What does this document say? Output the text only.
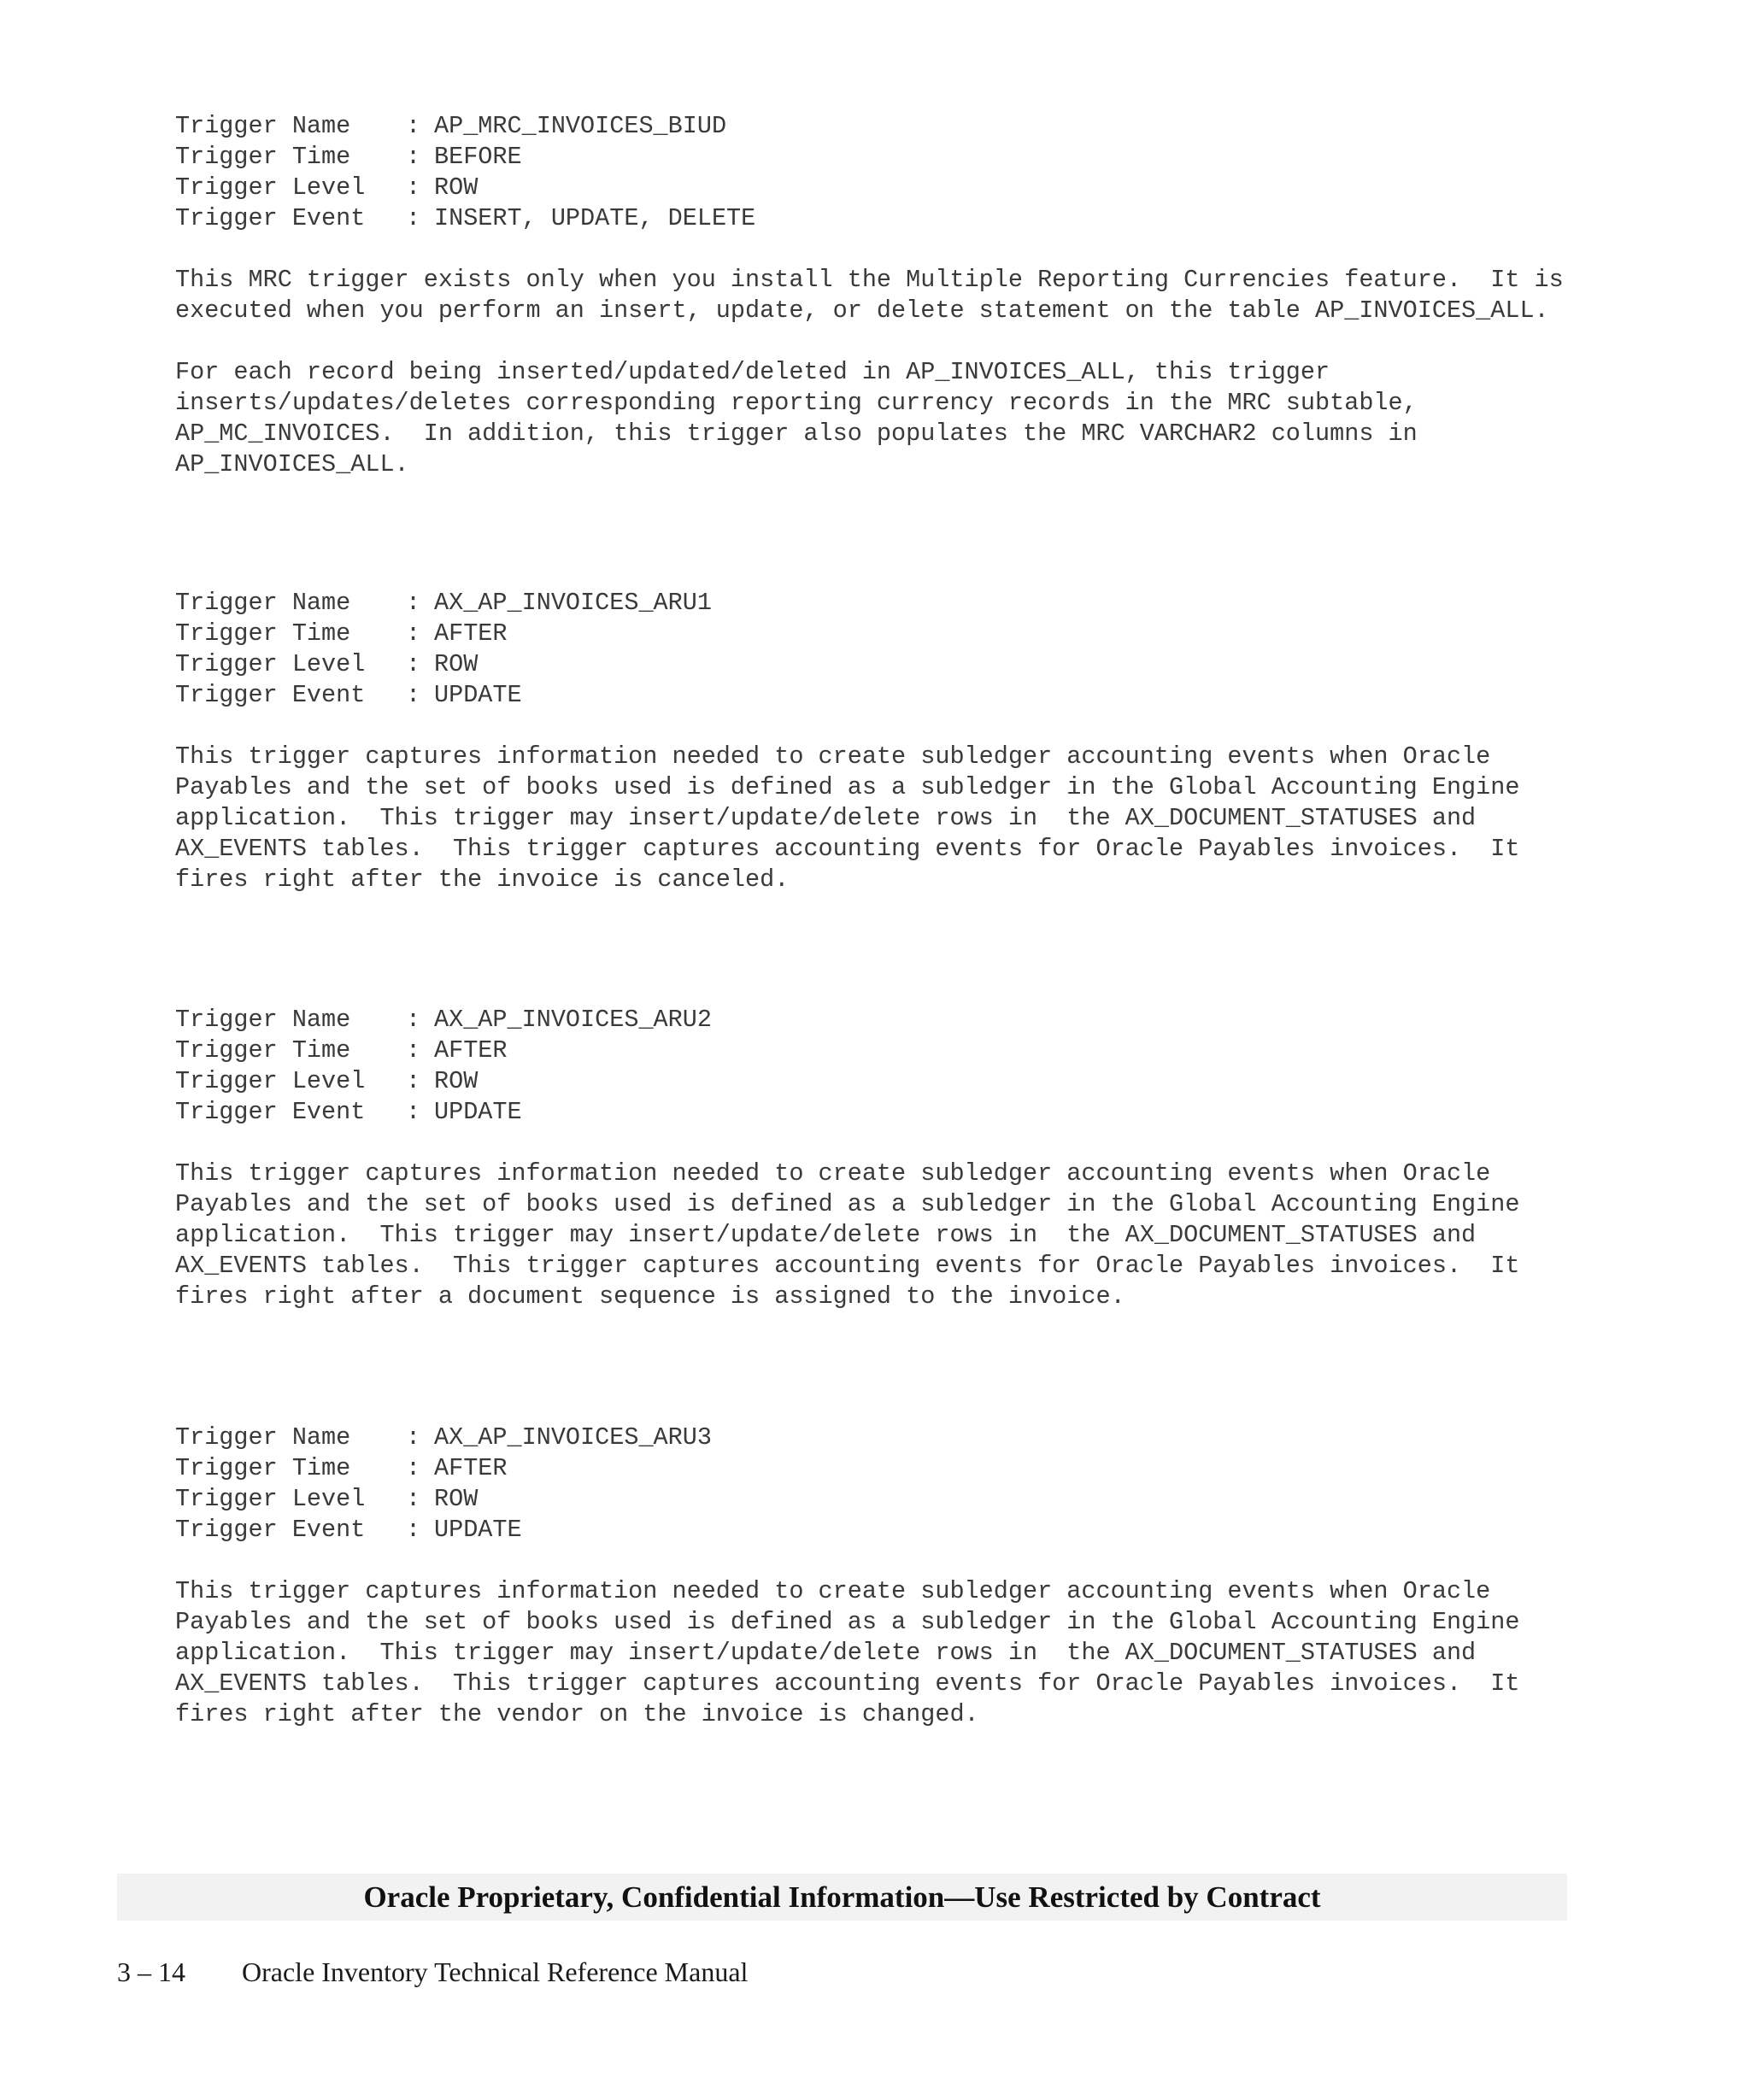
Trigger Name	: AP_MRC_INVOICES_BIUD
Trigger Time	: BEFORE
Trigger Level	: ROW
Trigger Event	: INSERT, UPDATE, DELETE
This MRC trigger exists only when you install the Multiple Reporting Currencies feature.  It is
executed when you perform an insert, update, or delete statement on the table AP_INVOICES_ALL.
For each record being inserted/updated/deleted in AP_INVOICES_ALL, this trigger
inserts/updates/deletes corresponding reporting currency records in the MRC subtable,
AP_MC_INVOICES.  In addition, this trigger also populates the MRC VARCHAR2 columns in
AP_INVOICES_ALL.
Trigger Name	: AX_AP_INVOICES_ARU1
Trigger Time	: AFTER
Trigger Level	: ROW
Trigger Event	: UPDATE
This trigger captures information needed to create subledger accounting events when Oracle
Payables and the set of books used is defined as a subledger in the Global Accounting Engine
application.  This trigger may insert/update/delete rows in  the AX_DOCUMENT_STATUSES and
AX_EVENTS tables.  This trigger captures accounting events for Oracle Payables invoices.  It
fires right after the invoice is canceled.
Trigger Name	: AX_AP_INVOICES_ARU2
Trigger Time	: AFTER
Trigger Level	: ROW
Trigger Event	: UPDATE
This trigger captures information needed to create subledger accounting events when Oracle
Payables and the set of books used is defined as a subledger in the Global Accounting Engine
application.  This trigger may insert/update/delete rows in  the AX_DOCUMENT_STATUSES and
AX_EVENTS tables.  This trigger captures accounting events for Oracle Payables invoices.  It
fires right after a document sequence is assigned to the invoice.
Trigger Name	: AX_AP_INVOICES_ARU3
Trigger Time	: AFTER
Trigger Level	: ROW
Trigger Event	: UPDATE
This trigger captures information needed to create subledger accounting events when Oracle
Payables and the set of books used is defined as a subledger in the Global Accounting Engine
application.  This trigger may insert/update/delete rows in  the AX_DOCUMENT_STATUSES and
AX_EVENTS tables.  This trigger captures accounting events for Oracle Payables invoices.  It
fires right after the vendor on the invoice is changed.
Oracle Proprietary, Confidential Information––Use Restricted by Contract
3 – 14	Oracle Inventory Technical Reference Manual
